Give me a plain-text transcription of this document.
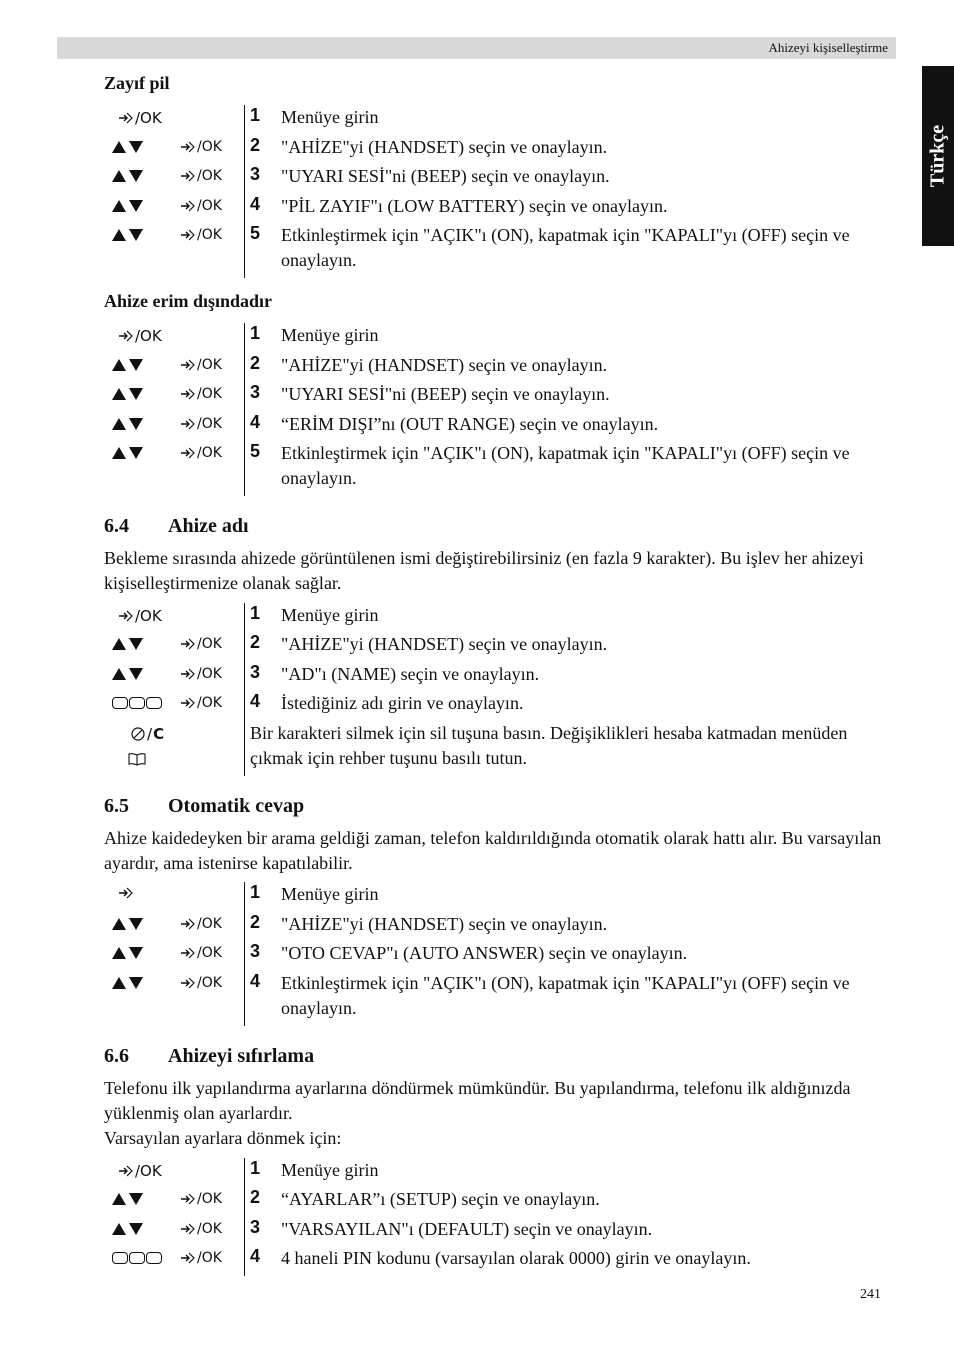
Ahizeyi kişiselleştirme
Türkçe
Zayıf pil
/OK	1 Menüye girin
/OK 2 "AHİZE"yi (HANDSET) seçin ve onaylayın.
/OK 3 "UYARI SESİ"ni (BEEP) seçin ve onaylayın.
/OK 4 "PİL ZAYIF"ı (LOW BATTERY) seçin ve onaylayın.
/OK 5 Etkinleştirmek için "AÇIK"ı (ON), kapatmak için "KAPALI"yı (OFF) seçin ve onaylayın.
Ahize erim dışındadır
/OK	1 Menüye girin
/OK 2 "AHİZE"yi (HANDSET) seçin ve onaylayın.
/OK 3 "UYARI SESİ"ni (BEEP) seçin ve onaylayın.
/OK 4 “ERİM DIŞI”nı (OUT RANGE) seçin ve onaylayın.
/OK 5 Etkinleştirmek için "AÇIK"ı (ON), kapatmak için "KAPALI"yı (OFF) seçin ve onaylayın.
6.4 Ahize adı
Bekleme sırasında ahizede görüntülenen ismi değiştirebilirsiniz (en fazla 9 karakter). Bu işlev her ahizeyi kişiselleştirmenize olanak sağlar.
/OK	1 Menüye girin
/OK 2 "AHİZE"yi (HANDSET) seçin ve onaylayın.
/OK 3 "AD"ı (NAME) seçin ve onaylayın.
/OK 4 İstediğiniz adı girin ve onaylayın.
/ C	Bir karakteri silmek için sil tuşuna basın. Değişiklikleri hesaba katmadan menüden çıkmak için rehber tuşunu basılı tutun.
6.5 Otomatik cevap
Ahize kaidedeyken bir arama geldiği zaman, telefon kaldırıldığında otomatik olarak hattı alır. Bu varsayılan ayardır, ama istenirse kapatılabilir.
1 Menüye girin
/OK 2 "AHİZE"yi (HANDSET) seçin ve onaylayın.
/OK 3 "OTO CEVAP"ı (AUTO ANSWER) seçin ve onaylayın.
/OK 4 Etkinleştirmek için "AÇIK"ı (ON), kapatmak için "KAPALI"yı (OFF) seçin ve onaylayın.
6.6 Ahizeyi sıfırlama
Telefonu ilk yapılandırma ayarlarına döndürmek mümkündür. Bu yapılandırma, telefonu ilk aldığınızda yüklenmiş olan ayarlardır.
Varsayılan ayarlara dönmek için:
/OK	1 Menüye girin
/OK 2 “AYARLAR”ı (SETUP) seçin ve onaylayın.
/OK 3 "VARSAYILAN"ı (DEFAULT) seçin ve onaylayın.
/OK 4 4 haneli PIN kodunu (varsayılan olarak 0000) girin ve onaylayın.
241
